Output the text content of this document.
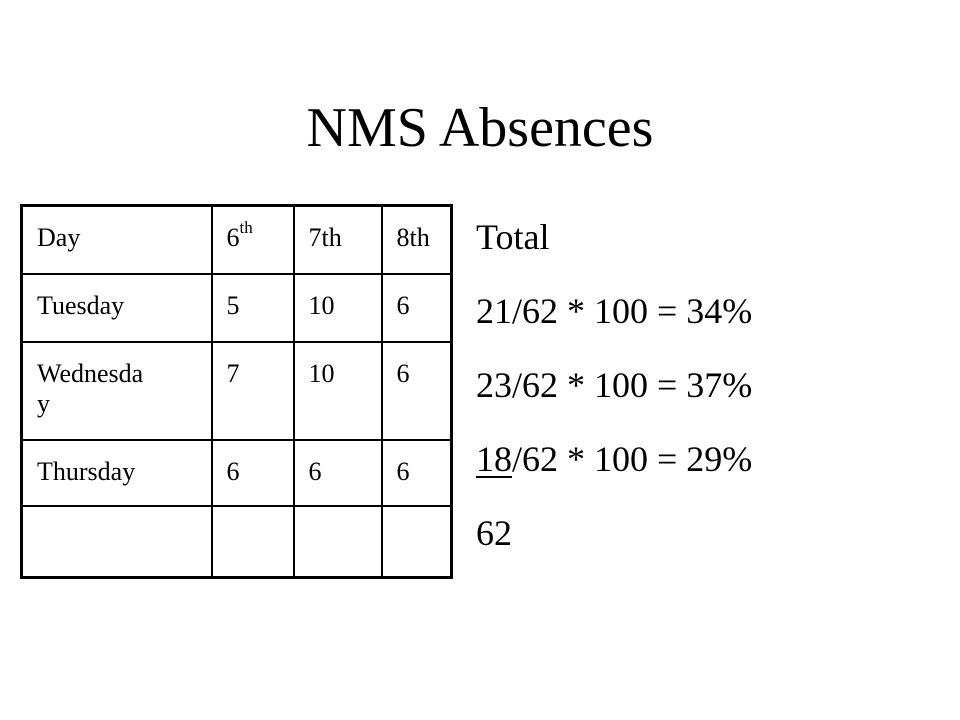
NMS Absences
Day	6th	7th	8th
Tuesday	5	10	6
Wednesda
y	7	10	6
Thursday	6	6	6

Total
21/62 * 100 = 34%
23/62 * 100 = 37%
18/62 * 100 = 29%
62
